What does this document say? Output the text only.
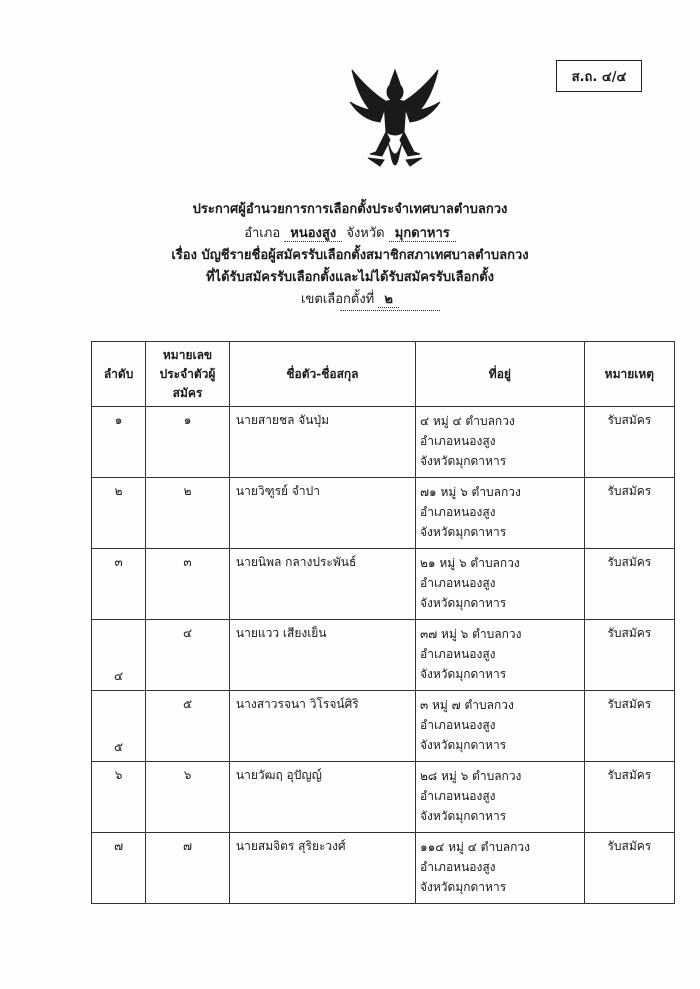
ส.ถ. ๔/๔
ประกาศผู้อำนวยการการเลือกตั้งประจำเทศบาลตำบลกวง
อำเภอ หนองสูง จังหวัด มุกดาหาร
เรื่อง บัญชีรายชื่อผู้สมัครรับเลือกตั้งสมาชิกสภาเทศบาลตำบลกวง
ที่ได้รับสมัครรับเลือกตั้งและไม่ได้รับสมัครรับเลือกตั้ง
เขตเลือกตั้งที่ ๒
ลำดับ	หมายเลขประจำตัวผู้สมัคร	ชื่อตัว-ชื่อสกุล	ที่อยู่	หมายเหตุ
๑	๑	นายสายชล จันปุ่ม	๔ หมู่ ๔ ตำบลกวง
อำเภอหนองสูง
จังหวัดมุกดาหาร	รับสมัคร
๒	๒	นายวิฑูรย์ จำปา	๗๑ หมู่ ๖ ตำบลกวง
อำเภอหนองสูง
จังหวัดมุกดาหาร	รับสมัคร
๓	๓	นายนิพล กลางประพันธ์	๒๑ หมู่ ๖ ตำบลกวง
อำเภอหนองสูง
จังหวัดมุกดาหาร	รับสมัคร
๔	๔	นายแวว เสียงเย็น	๓๗ หมู่ ๖ ตำบลกวง
อำเภอหนองสูง
จังหวัดมุกดาหาร	รับสมัคร
๕	๕	นางสาวรจนา วิโรจน์ศิริ	๓ หมู่ ๗ ตำบลกวง
อำเภอหนองสูง
จังหวัดมุกดาหาร	รับสมัคร
๖	๖	นายวัฒฤ อุปัญญ์	๒๘ หมู่ ๖ ตำบลกวง
อำเภอหนองสูง
จังหวัดมุกดาหาร	รับสมัคร
๗	๗	นายสมจิตร สุริยะวงศ์	๑๑๔ หมู่ ๔ ตำบลกวง
อำเภอหนองสูง
จังหวัดมุกดาหาร	รับสมัคร
